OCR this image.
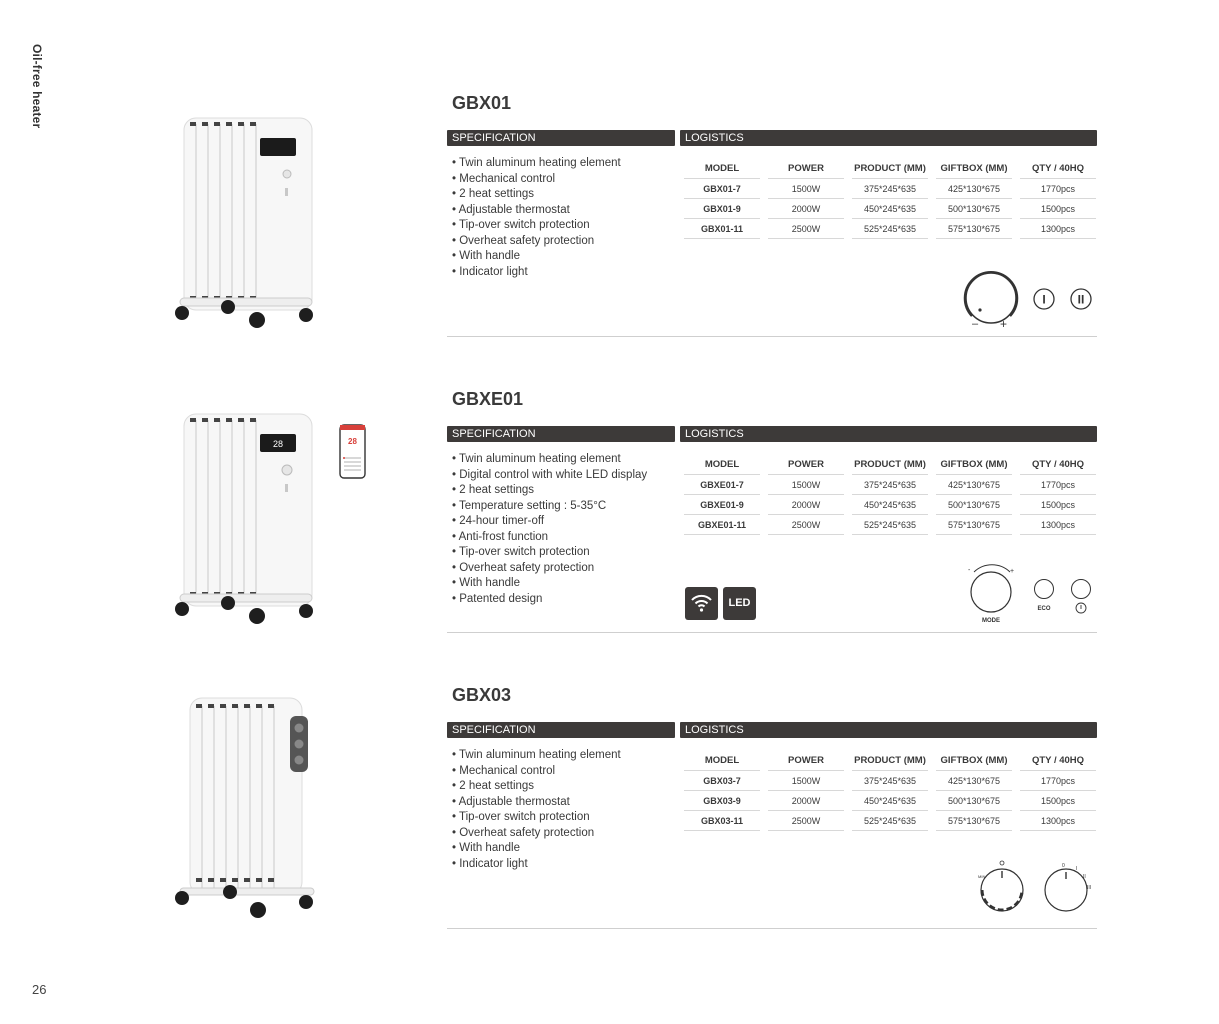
Oil-free heater
26
GBX01
SPECIFICATION	LOGISTICS
• Twin aluminum heating element
• Mechanical control
• 2 heat settings
• Adjustable thermostat
• Tip-over switch protection
• Overheat safety protection
• With handle
• Indicator light
MODEL		POWER		PRODUCT (MM)		GIFTBOX (MM)		QTY / 40HQ
GBX01-7		1500W		375*245*635		425*130*675		1770pcs
GBX01-9		2000W		450*245*635		500*130*675		1500pcs
GBX01-11		2500W		525*245*635		575*130*675		1300pcs
– +
I	II
28	28
GBXE01
SPECIFICATION	LOGISTICS
• Twin aluminum heating element
• Digital control with white LED display
• 2 heat settings
• Temperature setting : 5-35°C
• 24-hour timer-off
• Anti-frost function
• Tip-over switch protection
• Overheat safety protection
• With handle
• Patented design
MODEL		POWER		PRODUCT (MM)		GIFTBOX (MM)		QTY / 40HQ
GBXE01-7		1500W		375*245*635		425*130*675		1770pcs
GBXE01-9		2000W		450*245*635		500*130*675		1500pcs
GBXE01-11		2500W		525*245*635		575*130*675		1300pcs
LED
-	+
MODE
ECO
GBX03
SPECIFICATION	LOGISTICS
• Twin aluminum heating element
• Mechanical control
• 2 heat settings
• Adjustable thermostat
• Tip-over switch protection
• Overheat safety protection
• With handle
• Indicator light
MODEL		POWER		PRODUCT (MM)		GIFTBOX (MM)		QTY / 40HQ
GBX03-7		1500W		375*245*635		425*130*675		1770pcs
GBX03-9		2000W		450*245*635		500*130*675		1500pcs
GBX03-11		2500W		525*245*635		575*130*675		1300pcs
MIN
0 I
II
III
